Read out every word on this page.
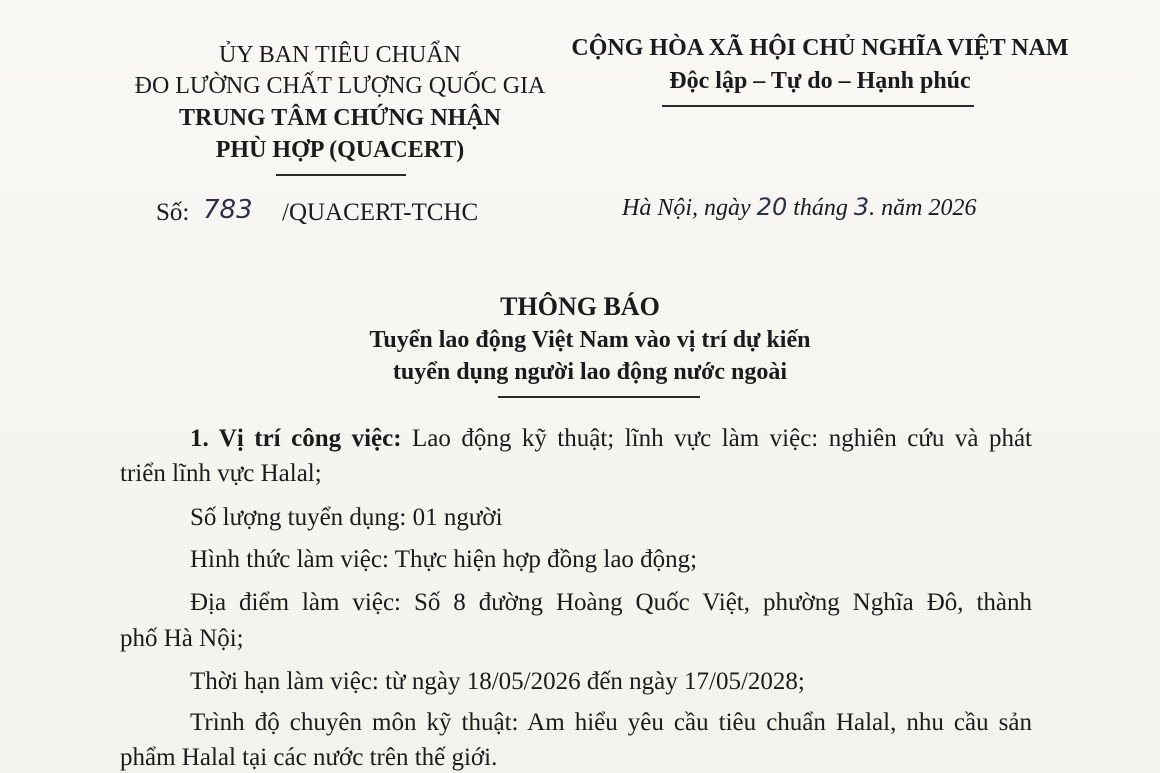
ỦY BAN TIÊU CHUẨN
ĐO LƯỜNG CHẤT LƯỢNG QUỐC GIA
TRUNG TÂM CHỨNG NHẬN
PHÙ HỢP (QUACERT)
CỘNG HÒA XÃ HỘI CHỦ NGHĨA VIỆT NAM
Độc lập – Tự do – Hạnh phúc
Số: 783 /QUACERT-TCHC	Hà Nội, ngày 20 tháng 3. năm 2026
THÔNG BÁO
Tuyển lao động Việt Nam vào vị trí dự kiến
tuyển dụng người lao động nước ngoài
1. Vị trí công việc: Lao động kỹ thuật; lĩnh vực làm việc: nghiên cứu và phát
triển lĩnh vực Halal;
Số lượng tuyển dụng: 01 người
Hình thức làm việc: Thực hiện hợp đồng lao động;
Địa điểm làm việc: Số 8 đường Hoàng Quốc Việt, phường Nghĩa Đô, thành
phố Hà Nội;
Thời hạn làm việc: từ ngày 18/05/2026 đến ngày 17/05/2028;
Trình độ chuyên môn kỹ thuật: Am hiểu yêu cầu tiêu chuẩn Halal, nhu cầu sản
phẩm Halal tại các nước trên thế giới.
